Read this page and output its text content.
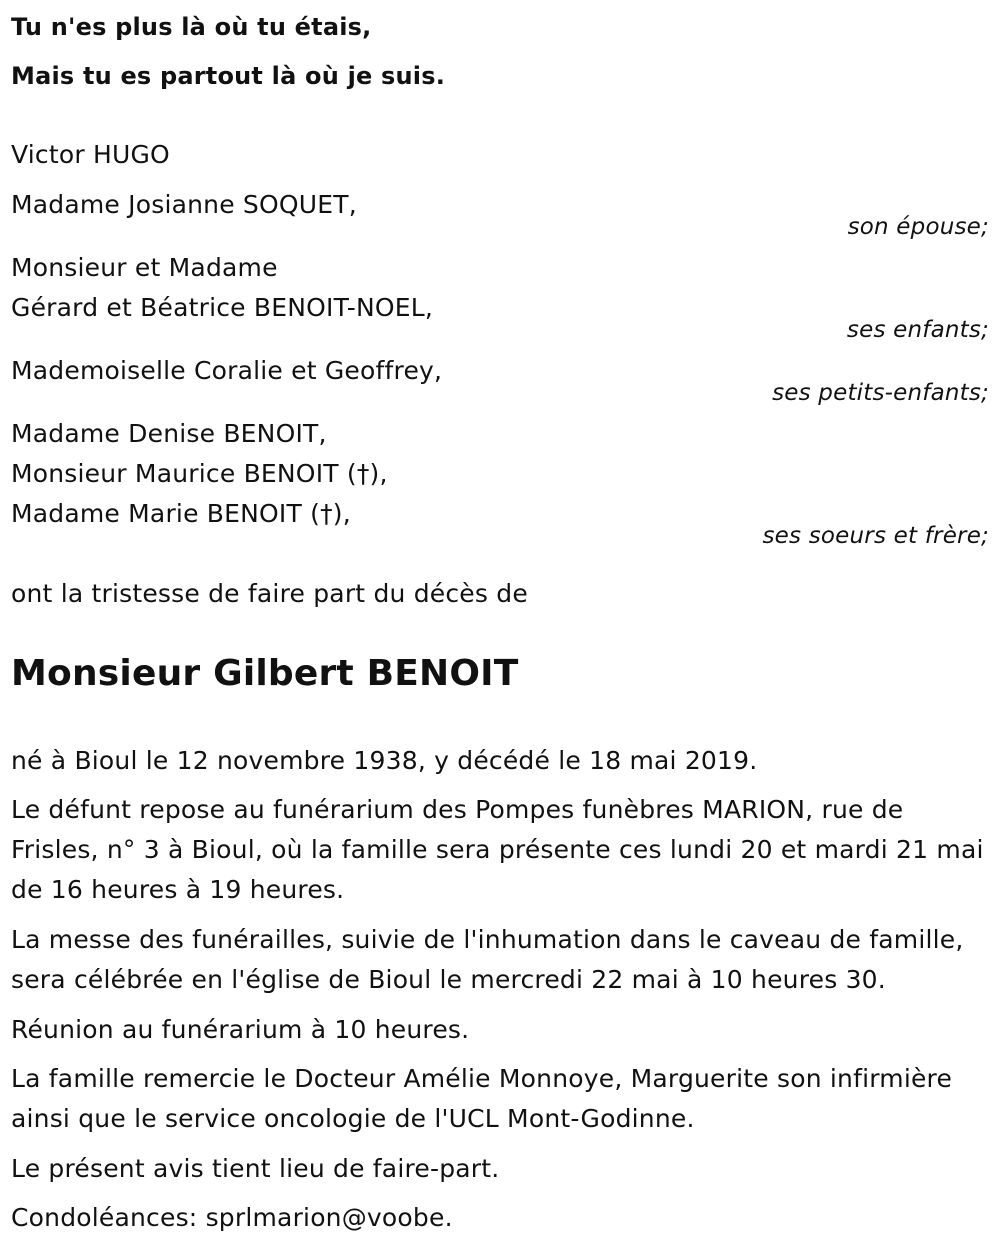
Tu n'es plus là où tu étais,
Mais tu es partout là où je suis.
Victor HUGO
Madame Josianne SOQUET,
son épouse;
Monsieur et Madame
Gérard et Béatrice BENOIT-NOEL,
ses enfants;
Mademoiselle Coralie et Geoffrey,
ses petits-enfants;
Madame Denise BENOIT,
Monsieur Maurice BENOIT (†),
Madame Marie BENOIT (†),
ses soeurs et frère;
ont la tristesse de faire part du décès de
Monsieur Gilbert BENOIT

né à Bioul le 12 novembre 1938, y décédé le 18 mai 2019.

Le défunt repose au funérarium des Pompes funèbres MARION, rue de Frisles, n° 3 à Bioul, où la famille sera présente ces lundi 20 et mardi 21 mai de 16 heures à 19 heures.

La messe des funérailles, suivie de l'inhumation dans le caveau de famille, sera célébrée en l'église de Bioul le mercredi 22 mai à 10 heures 30.

Réunion au funérarium à 10 heures.

La famille remercie le Docteur Amélie Monnoye, Marguerite son infirmière ainsi que le service oncologie de l'UCL Mont-Godinne.

Le présent avis tient lieu de faire-part.

Condoléances: sprlmarion@voobe.
